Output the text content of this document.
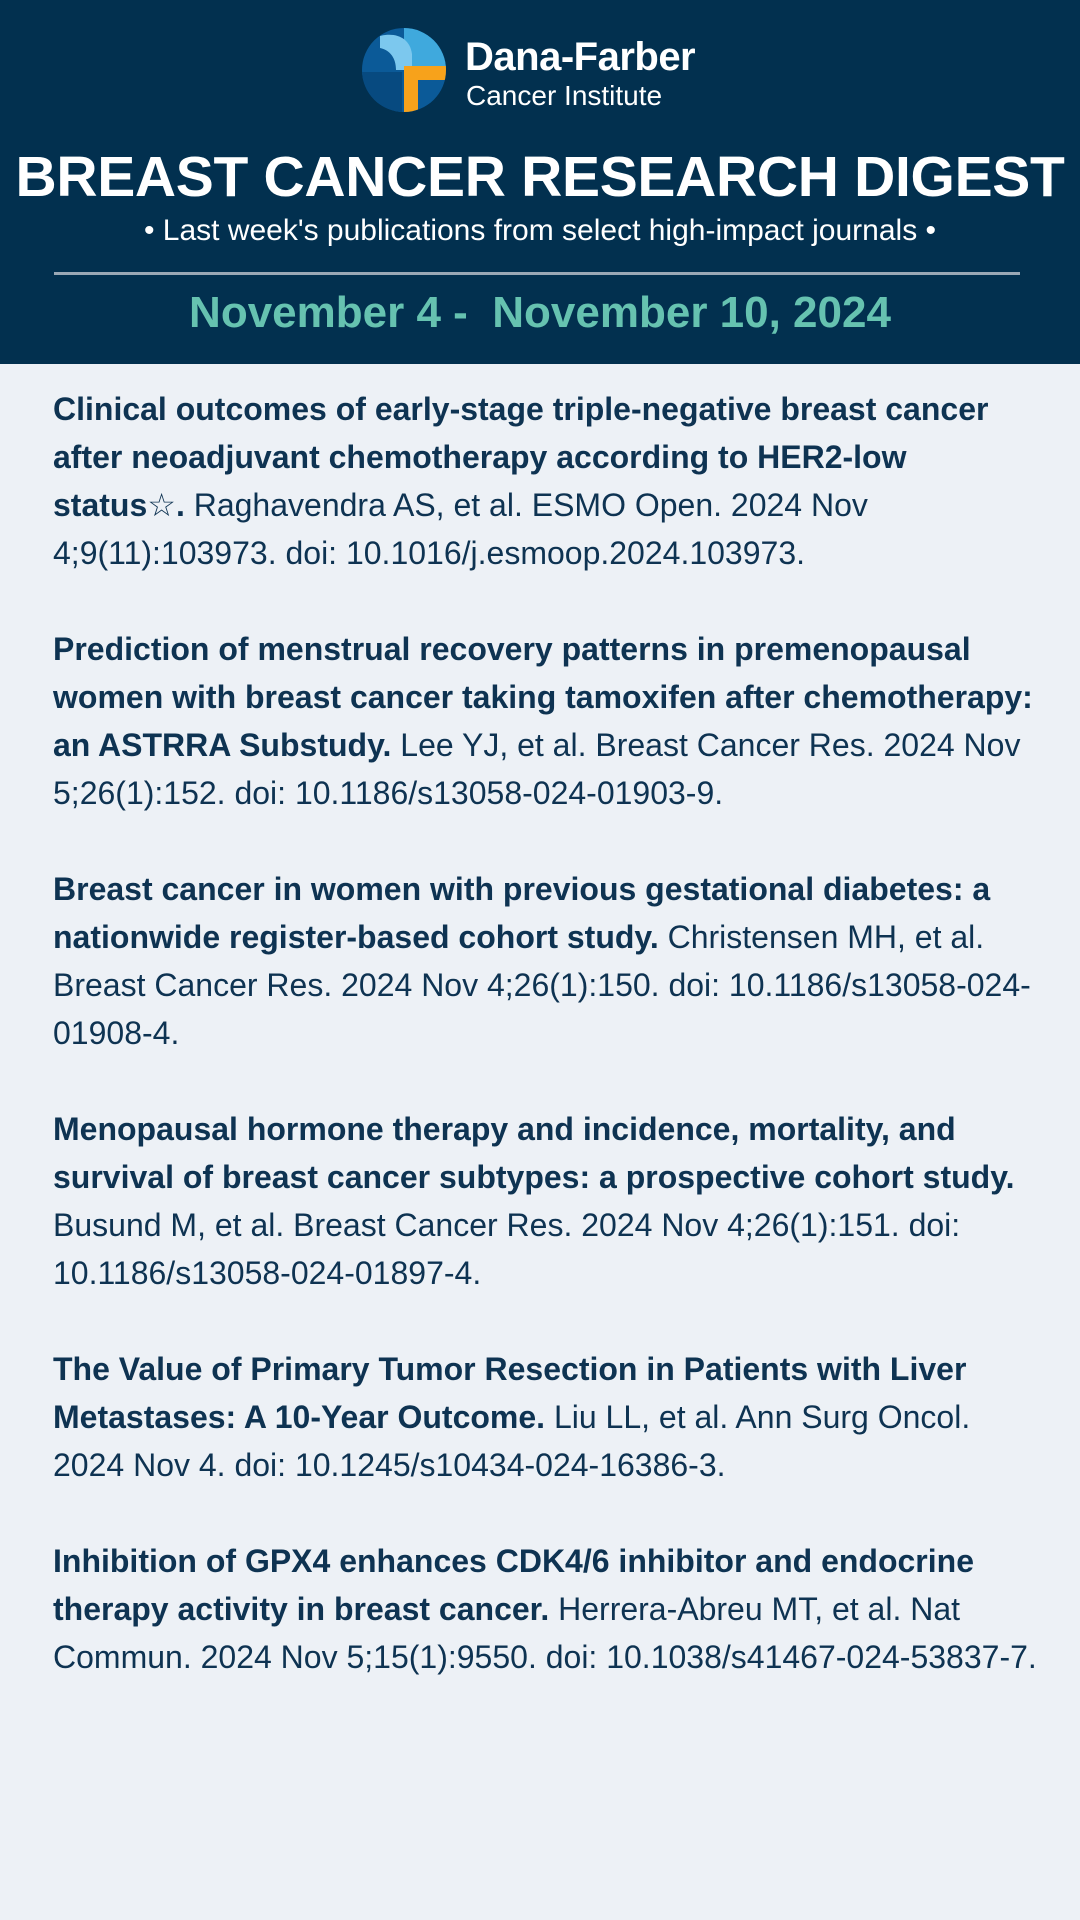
Dana-Farber
Cancer Institute
BREAST CANCER RESEARCH DIGEST
• Last week's publications from select high-impact journals •
November 4 -  November 10, 2024

Clinical outcomes of early-stage triple-negative breast cancer after neoadjuvant chemotherapy according to HER2-low status☆. Raghavendra AS, et al. ESMO Open. 2024 Nov 4;9(11):103973. doi: 10.1016/j.esmoop.2024.103973.

Prediction of menstrual recovery patterns in premenopausal women with breast cancer taking tamoxifen after chemotherapy: an ASTRRA Substudy. Lee YJ, et al. Breast Cancer Res. 2024 Nov 5;26(1):152. doi: 10.1186/s13058-024-01903-9.

Breast cancer in women with previous gestational diabetes: a nationwide register-based cohort study. Christensen MH, et al. Breast Cancer Res. 2024 Nov 4;26(1):150. doi: 10.1186/s13058-024-01908-4.

Menopausal hormone therapy and incidence, mortality, and survival of breast cancer subtypes: a prospective cohort study. Busund M, et al. Breast Cancer Res. 2024 Nov 4;26(1):151. doi: 10.1186/s13058-024-01897-4.

The Value of Primary Tumor Resection in Patients with Liver Metastases: A 10-Year Outcome. Liu LL, et al. Ann Surg Oncol. 2024 Nov 4. doi: 10.1245/s10434-024-16386-3.

Inhibition of GPX4 enhances CDK4/6 inhibitor and endocrine therapy activity in breast cancer. Herrera-Abreu MT, et al. Nat Commun. 2024 Nov 5;15(1):9550. doi: 10.1038/s41467-024-53837-7.
